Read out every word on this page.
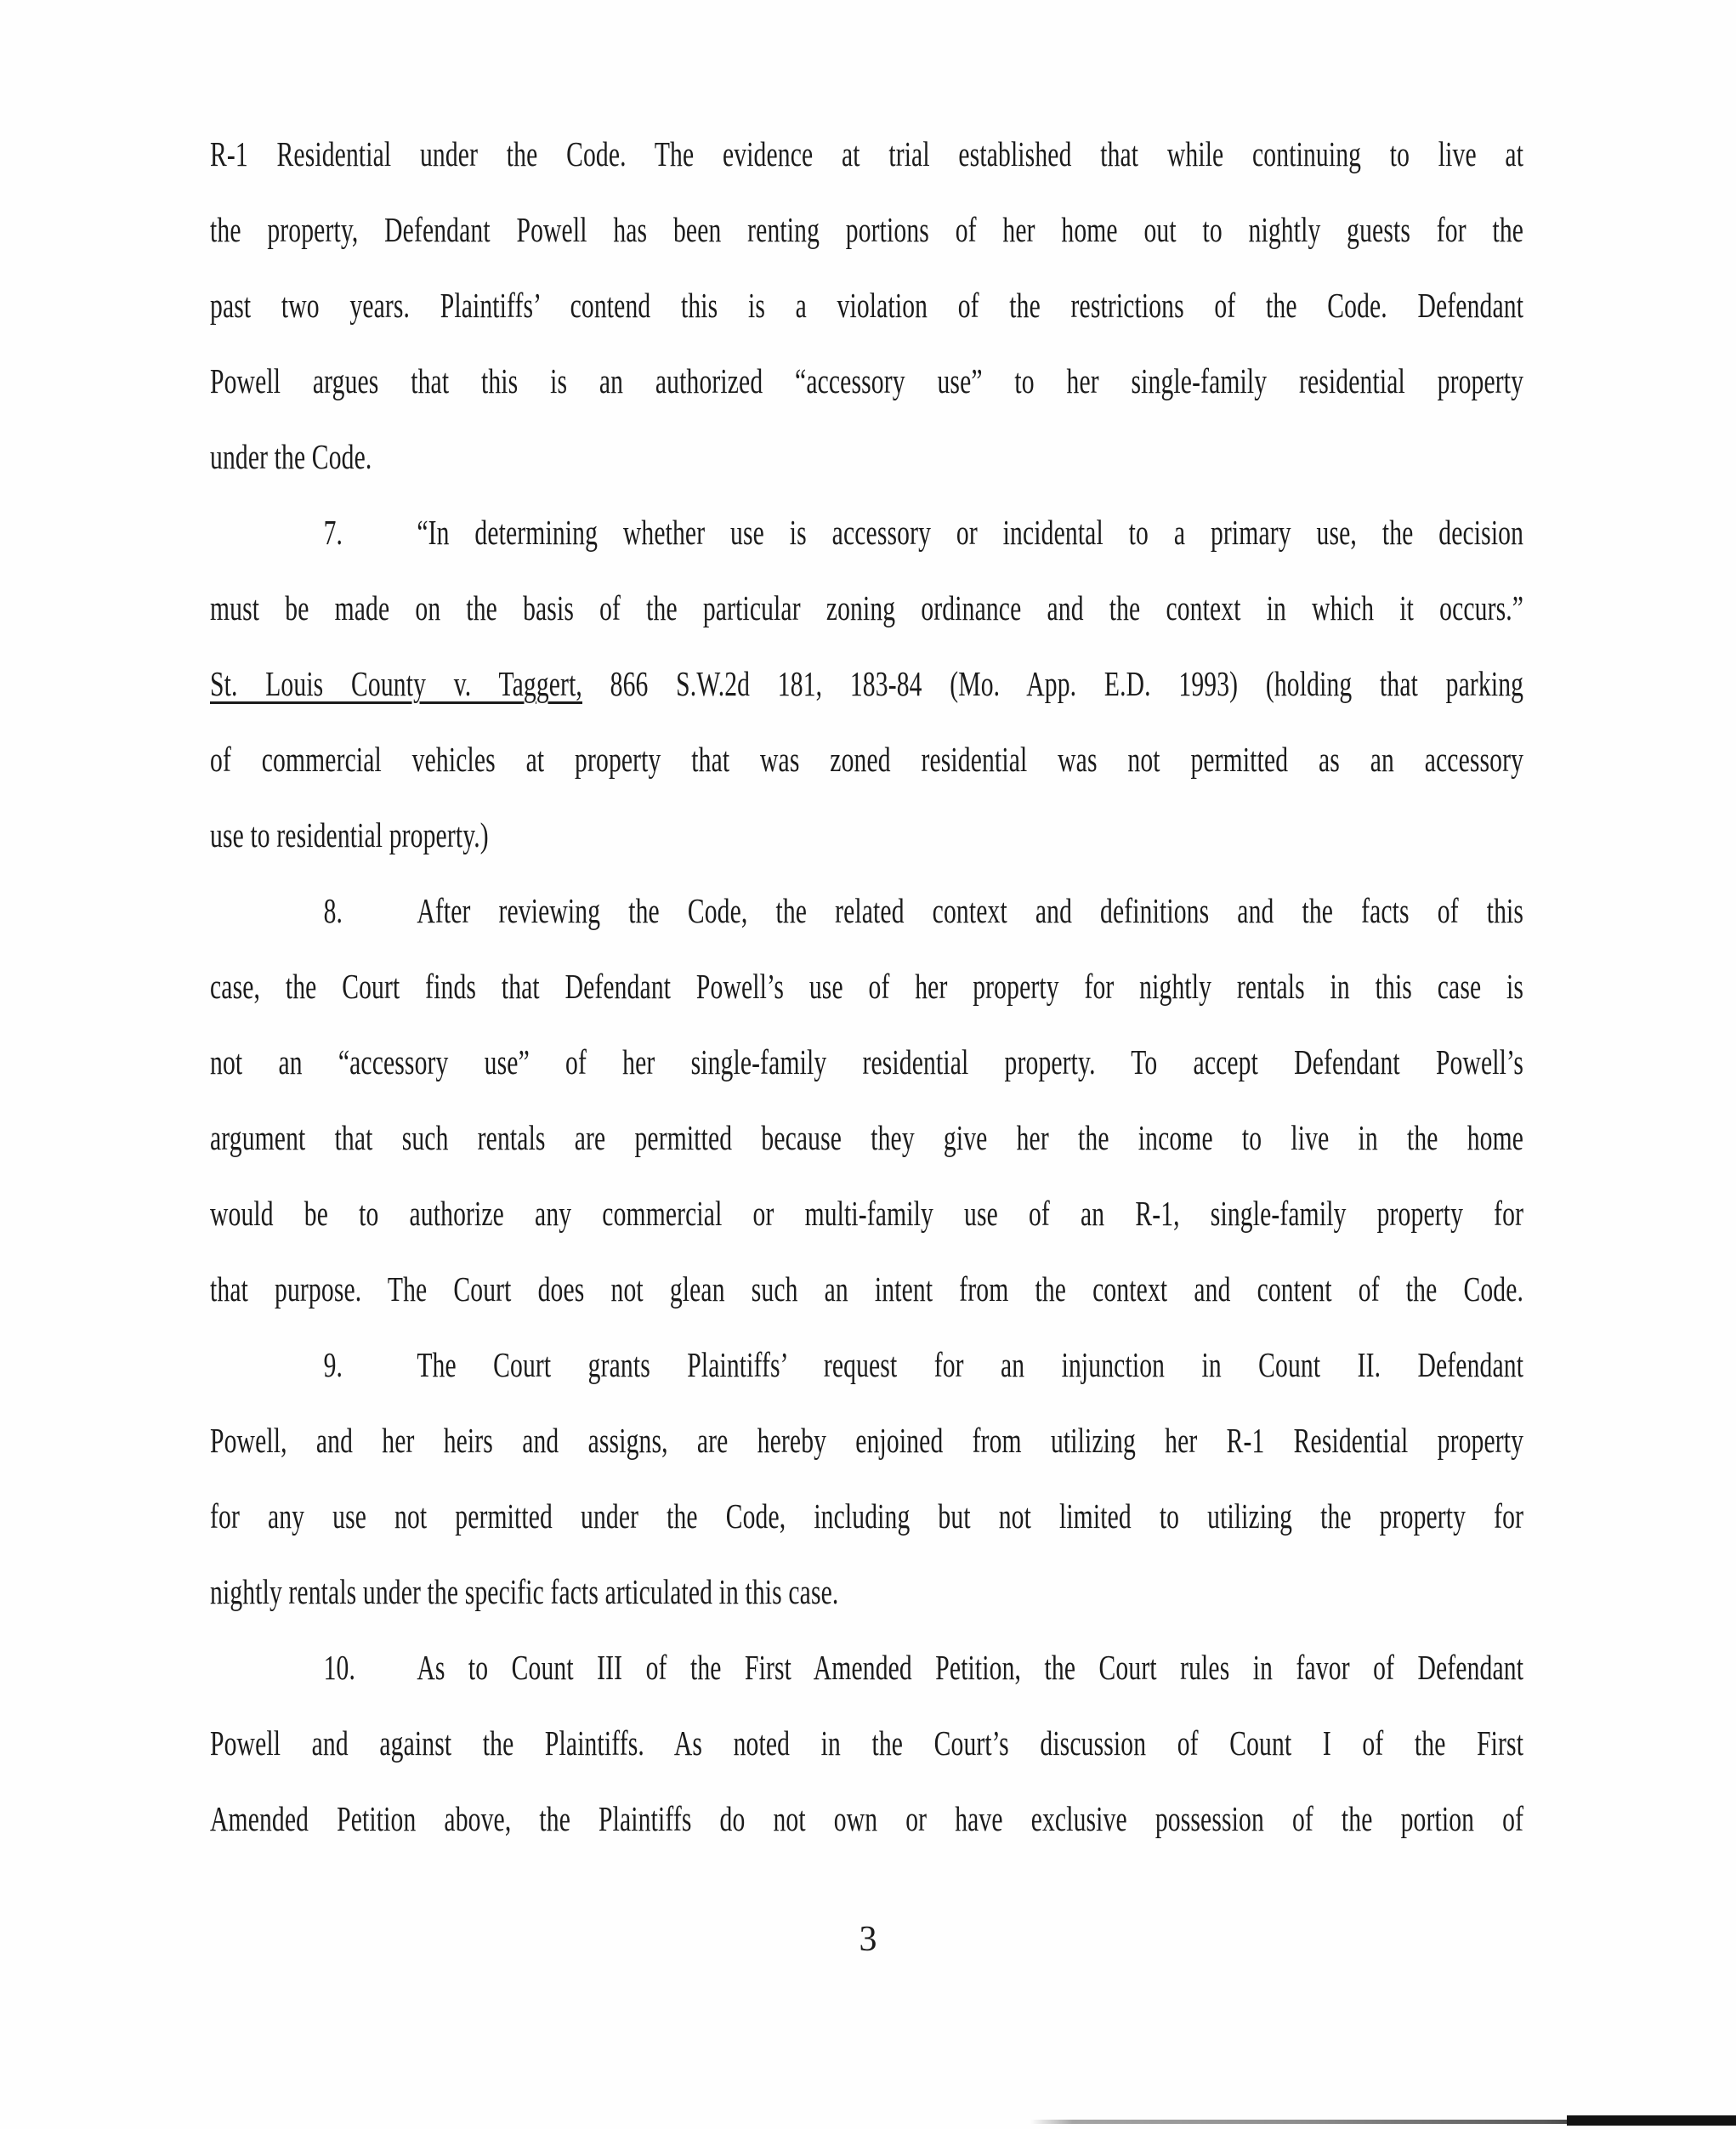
R-1 Residential under the Code. The evidence at trial established that while continuing to live at
the property, Defendant Powell has been renting portions of her home out to nightly guests for the
past two years. Plaintiffs’ contend this is a violation of the restrictions of the Code. Defendant
Powell argues that this is an authorized “accessory use” to her single-family residential property
under the Code.
7. “In determining whether use is accessory or incidental to a primary use, the decision
must be made on the basis of the particular zoning ordinance and the context in which it occurs.”
St. Louis County v. Taggert, 866 S.W.2d 181, 183-84 (Mo. App. E.D. 1993) (holding that parking
of commercial vehicles at property that was zoned residential was not permitted as an accessory
use to residential property.)
8. After reviewing the Code, the related context and definitions and the facts of this
case, the Court finds that Defendant Powell’s use of her property for nightly rentals in this case is
not an “accessory use” of her single-family residential property. To accept Defendant Powell’s
argument that such rentals are permitted because they give her the income to live in the home
would be to authorize any commercial or multi-family use of an R-1, single-family property for
that purpose. The Court does not glean such an intent from the context and content of the Code.
9. The Court grants Plaintiffs’ request for an injunction in Count II. Defendant
Powell, and her heirs and assigns, are hereby enjoined from utilizing her R-1 Residential property
for any use not permitted under the Code, including but not limited to utilizing the property for
nightly rentals under the specific facts articulated in this case.
10. As to Count III of the First Amended Petition, the Court rules in favor of Defendant
Powell and against the Plaintiffs. As noted in the Court’s discussion of Count I of the First
Amended Petition above, the Plaintiffs do not own or have exclusive possession of the portion of
3
